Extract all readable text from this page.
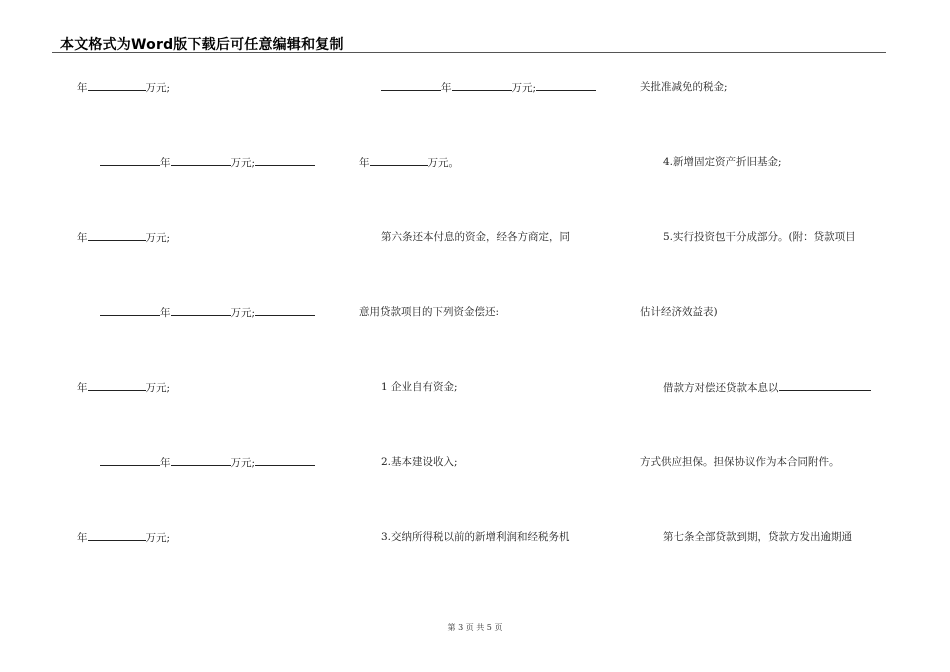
本文格式为Word版下载后可任意编辑和复制
年	万元;
年	万元;
年	万元;
年	万元;
年	万元;
年	万元;
年	万元;
年	万元;
年	万元。
第六条还本付息的资金，经各方商定，同
意用贷款项目的下列资金偿还:
1 企业自有资金;
2.基本建设收入;
3.交纳所得税以前的新增利润和经税务机
关批准减免的税金;
4.新增固定资产折旧基金;
5.实行投资包干分成部分。(附：贷款项目
估计经济效益表)
借款方对偿还贷款本息以
方式供应担保。担保协议作为本合同附件。
第七条全部贷款到期，贷款方发出逾期通
第 3 页 共 5 页
